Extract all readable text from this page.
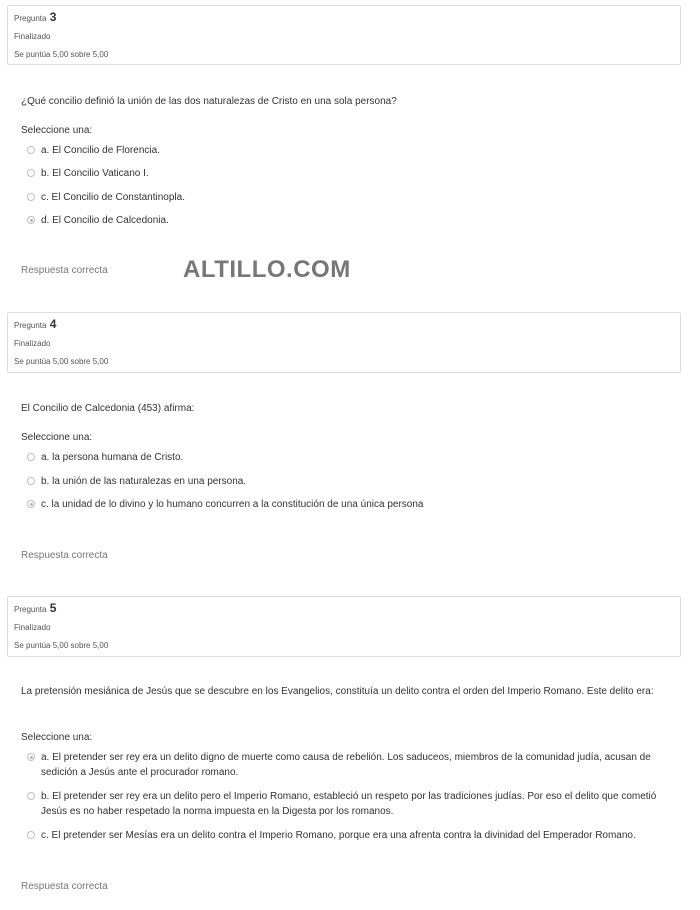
Pregunta 3
Finalizado
Se puntúa 5,00 sobre 5,00
¿Qué concilio definió la unión de las dos naturalezas de Cristo en una sola persona?
Seleccione una:
a. El Concilio de Florencia.
b. El Concilio Vaticano I.
c. El Concilio de Constantinopla.
d. El Concilio de Calcedonia.
Respuesta correcta	ALTILLO.COM
Pregunta 4
Finalizado
Se puntúa 5,00 sobre 5,00
El Concilio de Calcedonia (453) afirma:
Seleccione una:
a. la persona humana de Cristo.
b. la unión de las naturalezas en una persona.
c. la unidad de lo divino y lo humano concurren a la constitución de una única persona
Respuesta correcta
Pregunta 5
Finalizado
Se puntúa 5,00 sobre 5,00
La pretensión mesiánica de Jesús que se descubre en los Evangelios, constituía un delito contra el orden del Imperio Romano. Este delito era:
Seleccione una:
a. El pretender ser rey era un delito digno de muerte como causa de rebelión. Los saduceos, miembros de la comunidad judía, acusan de sedición a Jesús ante el procurador romano.
b. El pretender ser rey era un delito pero el Imperio Romano, estableció un respeto por las tradiciones judías. Por eso el delito que cometió Jesús es no haber respetado la norma impuesta en la Digesta por los romanos.
c. El pretender ser Mesías era un delito contra el Imperio Romano, porque era una afrenta contra la divinidad del Emperador Romano.
Respuesta correcta
